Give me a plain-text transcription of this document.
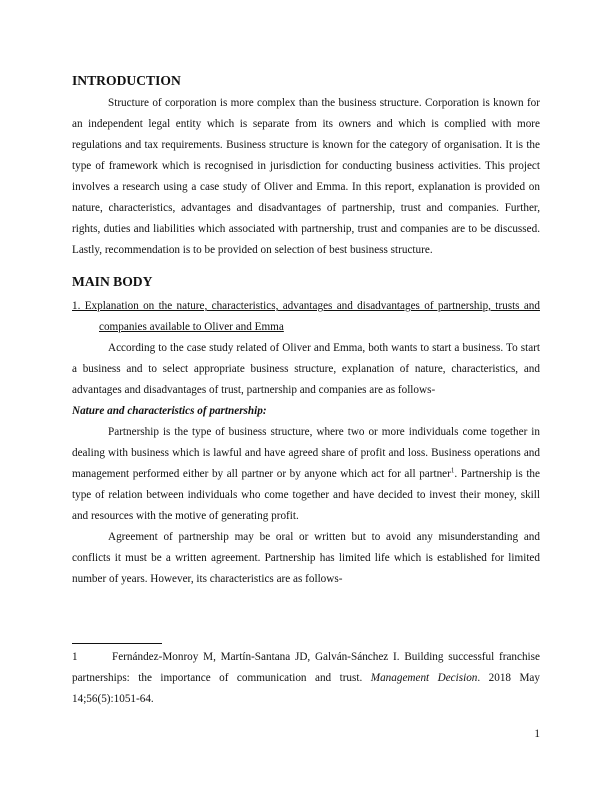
INTRODUCTION

Structure of corporation is more complex than the business structure. Corporation is known for an independent legal entity which is separate from its owners and which is complied with more regulations and tax requirements. Business structure is known for the category of organisation. It is the type of framework which is recognised in jurisdiction for conducting business activities. This project involves a research using a case study of Oliver and Emma. In this report, explanation is provided on nature, characteristics, advantages and disadvantages of partnership, trust and companies. Further, rights, duties and liabilities which associated with partnership, trust and companies are to be discussed. Lastly, recommendation is to be provided on selection of best business structure.

MAIN BODY

1. Explanation on the nature, characteristics, advantages and disadvantages of partnership, trusts and companies available to Oliver and Emma

According to the case study related of Oliver and Emma, both wants to start a business. To start a business and to select appropriate business structure, explanation of nature, characteristics, and advantages and disadvantages of trust, partnership and companies are as follows-

Nature and characteristics of partnership:

Partnership is the type of business structure, where two or more individuals come together in dealing with business which is lawful and have agreed share of profit and loss. Business operations and management performed either by all partner or by anyone which act for all partner$^1$. Partnership is the type of relation between individuals who come together and have decided to invest their money, skill and resources with the motive of generating profit.

Agreement of partnership may be oral or written but to avoid any misunderstanding and conflicts it must be a written agreement. Partnership has limited life which is established for limited number of years. However, its characteristics are as follows-

1	Fernández-Monroy M, Martín-Santana JD, Galván-Sánchez I. Building successful franchise partnerships: the importance of communication and trust. Management Decision. 2018 May 14;56(5):1051-64.

1
